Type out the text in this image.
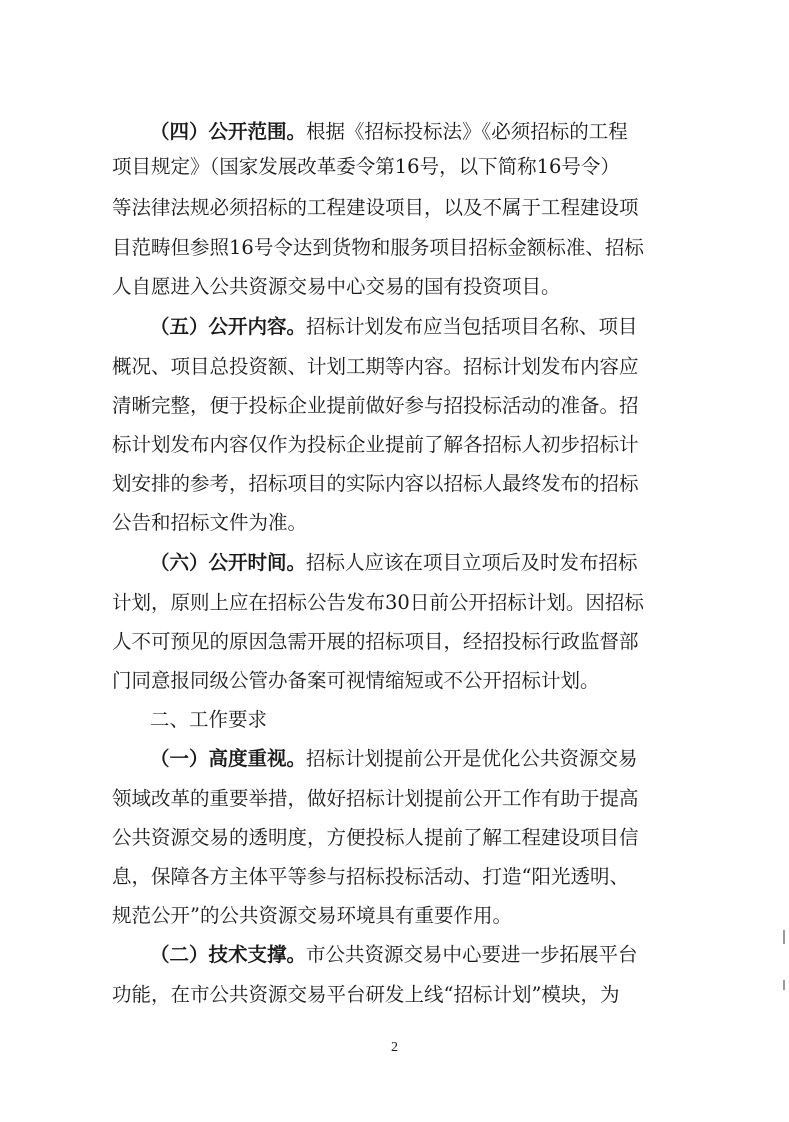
（四）公开范围。根据《招标投标法》《必须招标的工程
项目规定》（国家发展改革委令第16号，以下简称16号令）
等法律法规必须招标的工程建设项目，以及不属于工程建设项
目范畴但参照16号令达到货物和服务项目招标金额标准、招标
人自愿进入公共资源交易中心交易的国有投资项目。
（五）公开内容。招标计划发布应当包括项目名称、项目
概况、项目总投资额、计划工期等内容。招标计划发布内容应
清晰完整，便于投标企业提前做好参与招投标活动的准备。招
标计划发布内容仅作为投标企业提前了解各招标人初步招标计
划安排的参考，招标项目的实际内容以招标人最终发布的招标
公告和招标文件为准。
（六）公开时间。招标人应该在项目立项后及时发布招标
计划，原则上应在招标公告发布30日前公开招标计划。因招标
人不可预见的原因急需开展的招标项目，经招投标行政监督部
门同意报同级公管办备案可视情缩短或不公开招标计划。
二、工作要求
（一）高度重视。招标计划提前公开是优化公共资源交易
领域改革的重要举措，做好招标计划提前公开工作有助于提高
公共资源交易的透明度，方便投标人提前了解工程建设项目信
息，保障各方主体平等参与招标投标活动、打造“阳光透明、
规范公开”的公共资源交易环境具有重要作用。
（二）技术支撑。市公共资源交易中心要进一步拓展平台
功能，在市公共资源交易平台研发上线“招标计划”模块，为
2
